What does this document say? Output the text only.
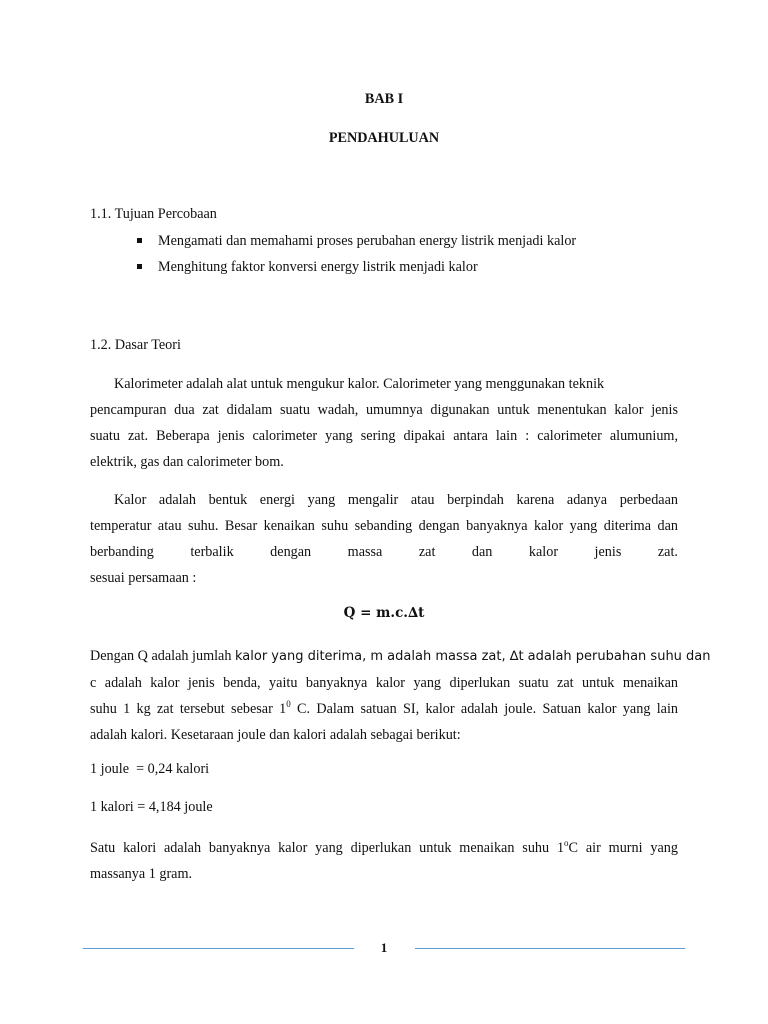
BAB I
PENDAHULUAN
1.1. Tujuan Percobaan
Mengamati dan memahami proses perubahan energy listrik menjadi kalor
Menghitung faktor konversi energy listrik menjadi kalor
1.2. Dasar Teori
Kalorimeter adalah alat untuk mengukur kalor. Calorimeter yang menggunakan teknik
pencampuran dua zat didalam suatu wadah, umumnya digunakan untuk menentukan kalor jenis
suatu zat. Beberapa jenis calorimeter yang sering dipakai antara lain : calorimeter alumunium,
elektrik, gas dan calorimeter bom.
Kalor adalah bentuk energi yang mengalir atau berpindah karena adanya perbedaan
temperatur atau suhu. Besar kenaikan suhu sebanding dengan banyaknya kalor yang diterima dan
berbanding	terbalik	dengan	massa	zat	dan	kalor	jenis	zat.
sesuai persamaan :
Q = m.c.∆t
Dengan Q adalah jumlah kalor yang diterima, m adalah massa zat, ∆t adalah perubahan suhu dan
c adalah kalor jenis benda, yaitu banyaknya kalor yang diperlukan suatu zat untuk menaikan
suhu 1 kg zat tersebut sebesar $1^0$ C. Dalam satuan SI, kalor adalah joule. Satuan kalor yang lain
adalah kalori. Kesetaraan joule dan kalori adalah sebagai berikut:
1 joule  = 0,24 kalori
1 kalori = 4,184 joule
Satu kalori adalah banyaknya kalor yang diperlukan untuk menaikan suhu 1$^o$C air murni yang
massanya 1 gram.
1
